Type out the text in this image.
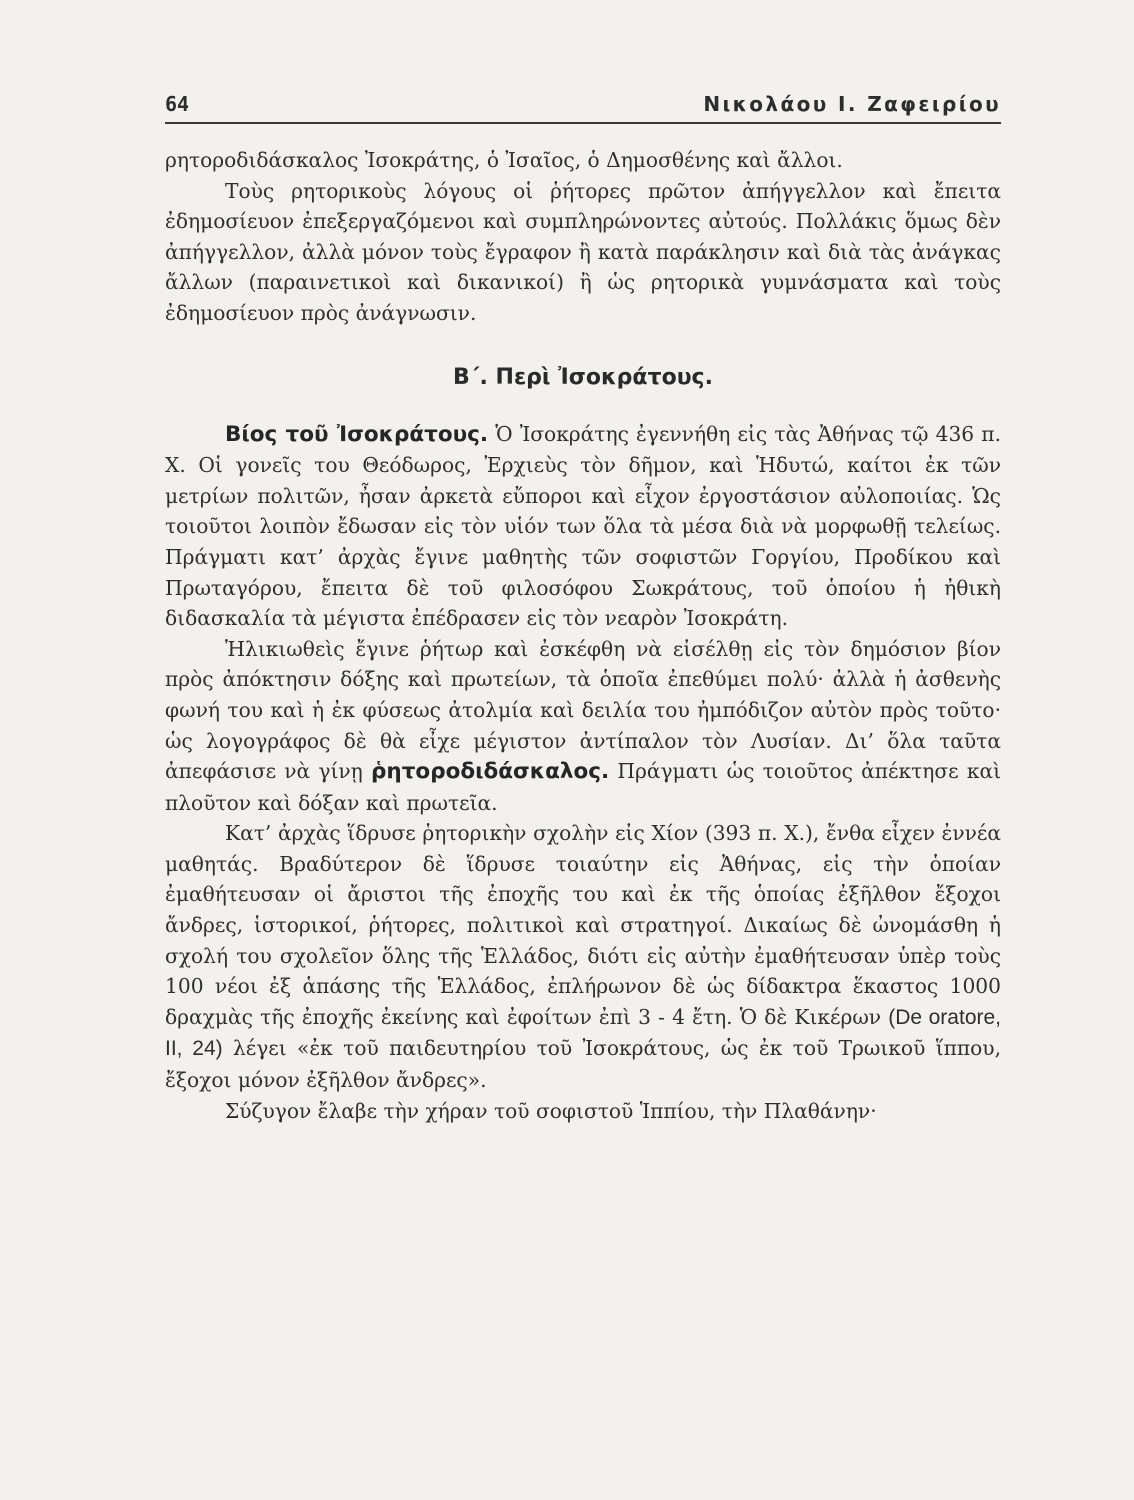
64	Νικολάου Ι. Ζαφειρίου

ρητοροδιδάσκαλος Ἰσοκράτης, ὁ Ἰσαῖος, ὁ Δημοσθένης καὶ ἄλλοι.

Τοὺς ρητορικοὺς λόγους οἱ ῥήτορες πρῶτον ἀπήγγελλον καὶ ἔπειτα ἐδημοσίευον ἐπεξεργαζόμενοι καὶ συμπληρώνοντες αὐτούς. Πολλάκις ὅμως δὲν ἀπήγγελλον, ἀλλὰ μόνον τοὺς ἔγραφον ἢ κατὰ παράκλησιν καὶ διὰ τὰς ἀνάγκας ἄλλων (παραινετικοὶ καὶ δικανικοί) ἢ ὡς ρητορικὰ γυμνάσματα καὶ τοὺς ἐδημοσίευον πρὸς ἀνάγνωσιν.

Β΄. Περὶ Ἰσοκράτους.

Βίος τοῦ Ἰσοκράτους. Ὁ Ἰσοκράτης ἐγεννήθη εἰς τὰς Ἀθήνας τῷ 436 π. Χ. Οἱ γονεῖς του Θεόδωρος, Ἐρχιεὺς τὸν δῆμον, καὶ Ἡδυτώ, καίτοι ἐκ τῶν μετρίων πολιτῶν, ἦσαν ἀρκετὰ εὔποροι καὶ εἶχον ἐργοστάσιον αὐλοποιίας. Ὡς τοιοῦτοι λοιπὸν ἔδωσαν εἰς τὸν υἱόν των ὅλα τὰ μέσα διὰ νὰ μορφωθῇ τελείως. Πράγματι κατ’ ἀρχὰς ἔγινε μαθητὴς τῶν σοφιστῶν Γοργίου, Προδίκου καὶ Πρωταγόρου, ἔπειτα δὲ τοῦ φιλοσόφου Σωκράτους, τοῦ ὁποίου ἡ ἠθικὴ διδασκαλία τὰ μέγιστα ἐπέδρασεν εἰς τὸν νεαρὸν Ἰσοκράτη.

Ἡλικιωθεὶς ἔγινε ῥήτωρ καὶ ἐσκέφθη νὰ εἰσέλθῃ εἰς τὸν δημόσιον βίον πρὸς ἀπόκτησιν δόξης καὶ πρωτείων, τὰ ὁποῖα ἐπεθύμει πολύ· ἀλλὰ ἡ ἀσθενὴς φωνή του καὶ ἡ ἐκ φύσεως ἀτολμία καὶ δειλία του ἠμπόδιζον αὐτὸν πρὸς τοῦτο· ὡς λογογράφος δὲ θὰ εἶχε μέγιστον ἀντίπαλον τὸν Λυσίαν. Δι’ ὅλα ταῦτα ἀπεφάσισε νὰ γίνῃ ῥητοροδιδάσκαλος. Πράγματι ὡς τοιοῦτος ἀπέκτησε καὶ πλοῦτον καὶ δόξαν καὶ πρωτεῖα.

Κατ’ ἀρχὰς ἵδρυσε ῥητορικὴν σχολὴν εἰς Χίον (393 π. Χ.), ἔνθα εἶχεν ἐννέα μαθητάς. Βραδύτερον δὲ ἵδρυσε τοιαύτην εἰς Ἀθήνας, εἰς τὴν ὁποίαν ἐμαθήτευσαν οἱ ἄριστοι τῆς ἐποχῆς του καὶ ἐκ τῆς ὁποίας ἐξῆλθον ἔξοχοι ἄνδρες, ἱστορικοί, ῥήτορες, πολιτικοὶ καὶ στρατηγοί. Δικαίως δὲ ὠνομάσθη ἡ σχολή του σχολεῖον ὅλης τῆς Ἑλλάδος, διότι εἰς αὐτὴν ἐμαθήτευσαν ὑπὲρ τοὺς 100 νέοι ἐξ ἁπάσης τῆς Ἑλλάδος, ἐπλήρωνον δὲ ὡς δίδακτρα ἕκαστος 1000 δραχμὰς τῆς ἐποχῆς ἐκείνης καὶ ἐφοίτων ἐπὶ 3 - 4 ἔτη. Ὁ δὲ Κικέρων (De oratore, II, 24) λέγει «ἐκ τοῦ παιδευτηρίου τοῦ Ἰσοκράτους, ὡς ἐκ τοῦ Τρωικοῦ ἵππου, ἔξοχοι μόνον ἐξῆλθον ἄνδρες».

Σύζυγον ἔλαβε τὴν χήραν τοῦ σοφιστοῦ Ἱππίου, τὴν Πλαθάνην·
